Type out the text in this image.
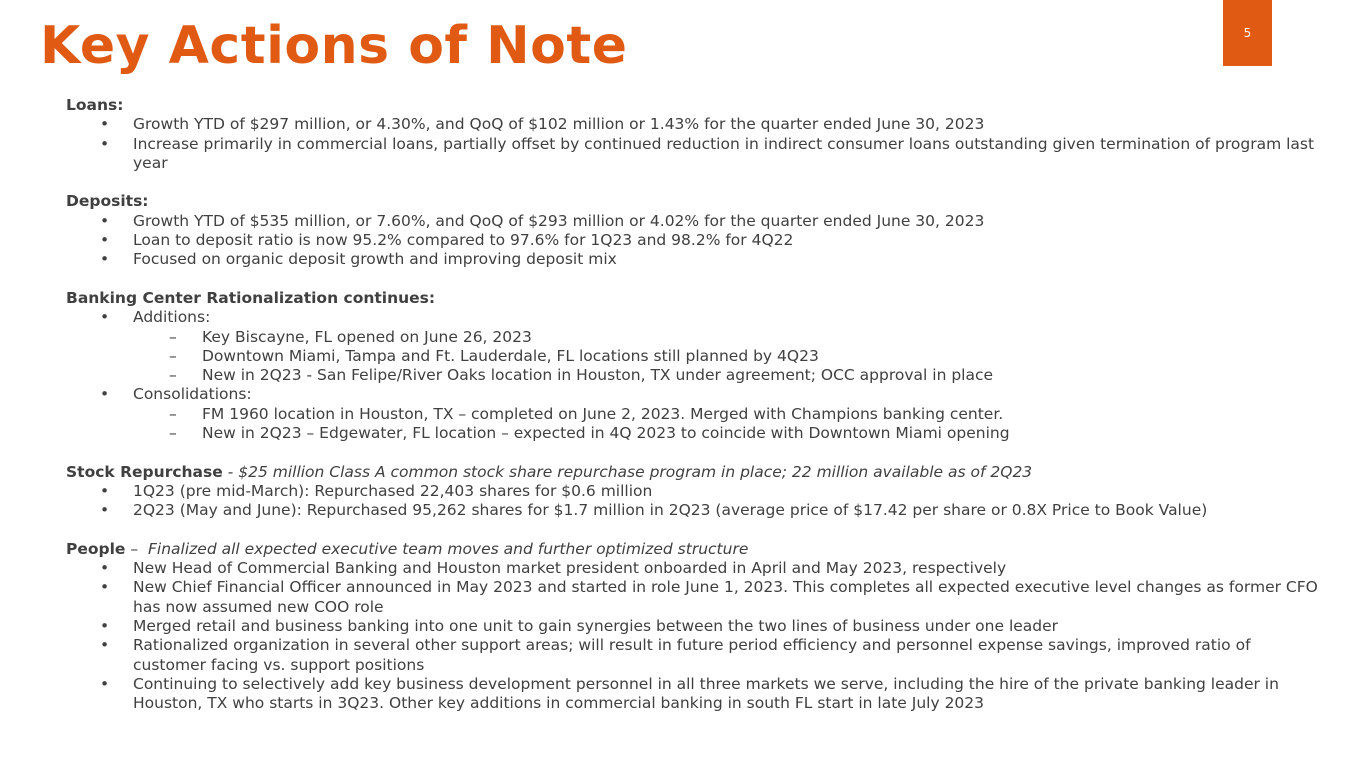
Key Actions of Note	5
Loans:
• Growth YTD of $297 million, or 4.30%, and QoQ of $102 million or 1.43% for the quarter ended June 30, 2023
• Increase primarily in commercial loans, partially offset by continued reduction in indirect consumer loans outstanding given termination of program last year
Deposits:
• Growth YTD of $535 million, or 7.60%, and QoQ of $293 million or 4.02% for the quarter ended June 30, 2023
• Loan to deposit ratio is now 95.2% compared to 97.6% for 1Q23 and 98.2% for 4Q22
• Focused on organic deposit growth and improving deposit mix
Banking Center Rationalization continues:
• Additions:
– Key Biscayne, FL opened on June 26, 2023
– Downtown Miami, Tampa and Ft. Lauderdale, FL locations still planned by 4Q23
– New in 2Q23 - San Felipe/River Oaks location in Houston, TX under agreement; OCC approval in place
• Consolidations:
– FM 1960 location in Houston, TX – completed on June 2, 2023. Merged with Champions banking center.
– New in 2Q23 – Edgewater, FL location – expected in 4Q 2023 to coincide with Downtown Miami opening
Stock Repurchase - $25 million Class A common stock share repurchase program in place; 22 million available as of 2Q23
• 1Q23 (pre mid-March): Repurchased 22,403 shares for $0.6 million
• 2Q23 (May and June): Repurchased 95,262 shares for $1.7 million in 2Q23 (average price of $17.42 per share or 0.8X Price to Book Value)
People –  Finalized all expected executive team moves and further optimized structure
• New Head of Commercial Banking and Houston market president onboarded in April and May 2023, respectively
• New Chief Financial Officer announced in May 2023 and started in role June 1, 2023. This completes all expected executive level changes as former CFO has now assumed new COO role
• Merged retail and business banking into one unit to gain synergies between the two lines of business under one leader
• Rationalized organization in several other support areas; will result in future period efficiency and personnel expense savings, improved ratio of customer facing vs. support positions
• Continuing to selectively add key business development personnel in all three markets we serve, including the hire of the private banking leader in Houston, TX who starts in 3Q23. Other key additions in commercial banking in south FL start in late July 2023
